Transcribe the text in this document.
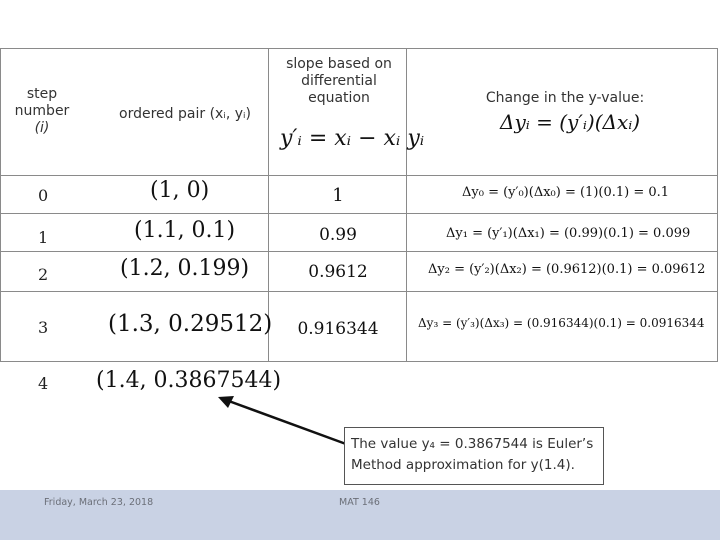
step
number
(i)
ordered pair (xᵢ, yᵢ)
slope based on
differential
equation
y′ᵢ = xᵢ − xᵢ yᵢ
Change in the y-value:
Δyᵢ = (y′ᵢ)(Δxᵢ)
0
1
2
3
4
(1, 0)
(1.1, 0.1)
(1.2, 0.199)
(1.3, 0.29512)
(1.4, 0.3867544)
1
0.99
0.9612
0.916344
Δy₀ = (y′₀)(Δx₀) = (1)(0.1) = 0.1
Δy₁ = (y′₁)(Δx₁) = (0.99)(0.1) = 0.099
Δy₂ = (y′₂)(Δx₂) = (0.9612)(0.1) = 0.09612
Δy₃ = (y′₃)(Δx₃) = (0.916344)(0.1) = 0.0916344
The value y₄ = 0.3867544 is Euler’s
Method approximation for y(1.4).
Friday, March 23, 2018	MAT 146
